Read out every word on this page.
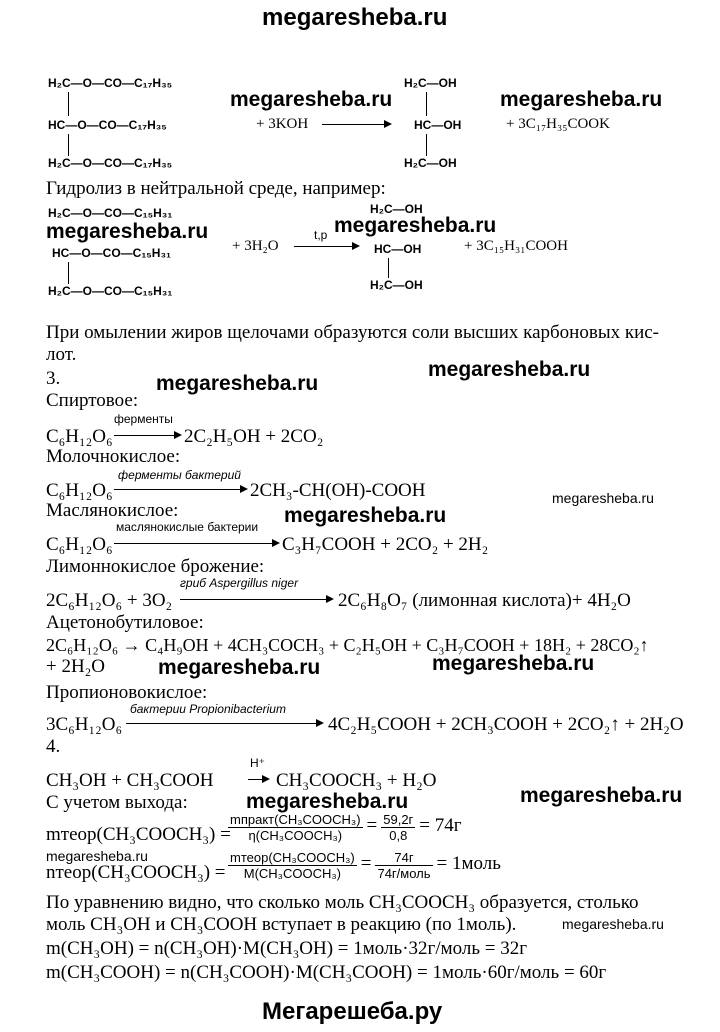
megaresheba.ru
H₂C—O—CO—C₁₇H₃₅
HC—O—CO—C₁₇H₃₅
H₂C—O—CO—C₁₇H₃₅
megaresheba.ru
+ 3KOH
H₂C—OH
HC—OH
H₂C—OH
megaresheba.ru
+ 3C₁₇H₃₅COOK
Гидролиз в нейтральной среде, например:
H₂C—O—CO—C₁₅H₃₁
megaresheba.ru
HC—O—CO—C₁₅H₃₁
H₂C—O—CO—C₁₅H₃₁
+ 3H₂O
t,p megaresheba.ru
H₂C—OH
HC—OH
H₂C—OH
+ 3C₁₅H₃₁COOH
При омылении жиров щелочами образуются соли высших карбоновых кис-
лот.
3.	megaresheba.ru
megaresheba.ru
Спиртовое:
ферменты
C₆H₁₂O₆	2C₂H₅OH + 2CO₂
Молочнокислое:
ферменты бактерий
C₆H₁₂O₆	2CH₃-CH(OH)-COOH	megaresheba.ru
Маслянокислое:	megaresheba.ru
маслянокислые бактерии
C₆H₁₂O₆	C₃H₇COOH + 2CO₂ + 2H₂
Лимоннокислое брожение:
гриб Aspergillus niger
2C₆H₁₂O₆ + 3O₂	2C₆H₈O₇ (лимонная кислота)+ 4H₂O
Ацетонобутиловое:
2C₆H₁₂O₆ → C₄H₉OH + 4CH₃COCH₃ + C₂H₅OH + C₃H₇COOH + 18H₂ + 28CO₂↑
+ 2H₂O	megaresheba.ru	megaresheba.ru
Пропионовокислое:
бактерии Propionibacterium
3C₆H₁₂O₆	4C₂H₅COOH + 2CH₃COOH + 2CO₂↑ + 2H₂O
4.
CH₃OH + CH₃COOH
H⁺
CH₃COOCH₃ + H₂O
С учетом выхода:	megaresheba.ru	megaresheba.ru
mтеор(CH₃COOCH₃) =
$\frac{\text{mпракт(CH₃COOCH₃)}}{\text{η(CH₃COOCH₃)}} = \frac{59,2г}{0,8} = 74г$
megaresheba.ru
nтеор(CH₃COOCH₃) = $\frac{\text{mтеор(CH₃COOCH₃)}}{\text{M(CH₃COOCH₃)}} = \frac{74г}{\text{74г/моль}}$ = 1моль
По уравнению видно, что сколько моль CH₃COOCH₃ образуется, столько
моль CH₃OH и CH₃COOH вступает в реакцию (по 1моль).	megaresheba.ru
m(CH₃OH) = n(CH₃OH)·M(CH₃OH) = 1моль·32г/моль = 32г
m(CH₃COOH) = n(CH₃COOH)·M(CH₃COOH) = 1моль·60г/моль = 60г
Мегарешеба.ру
